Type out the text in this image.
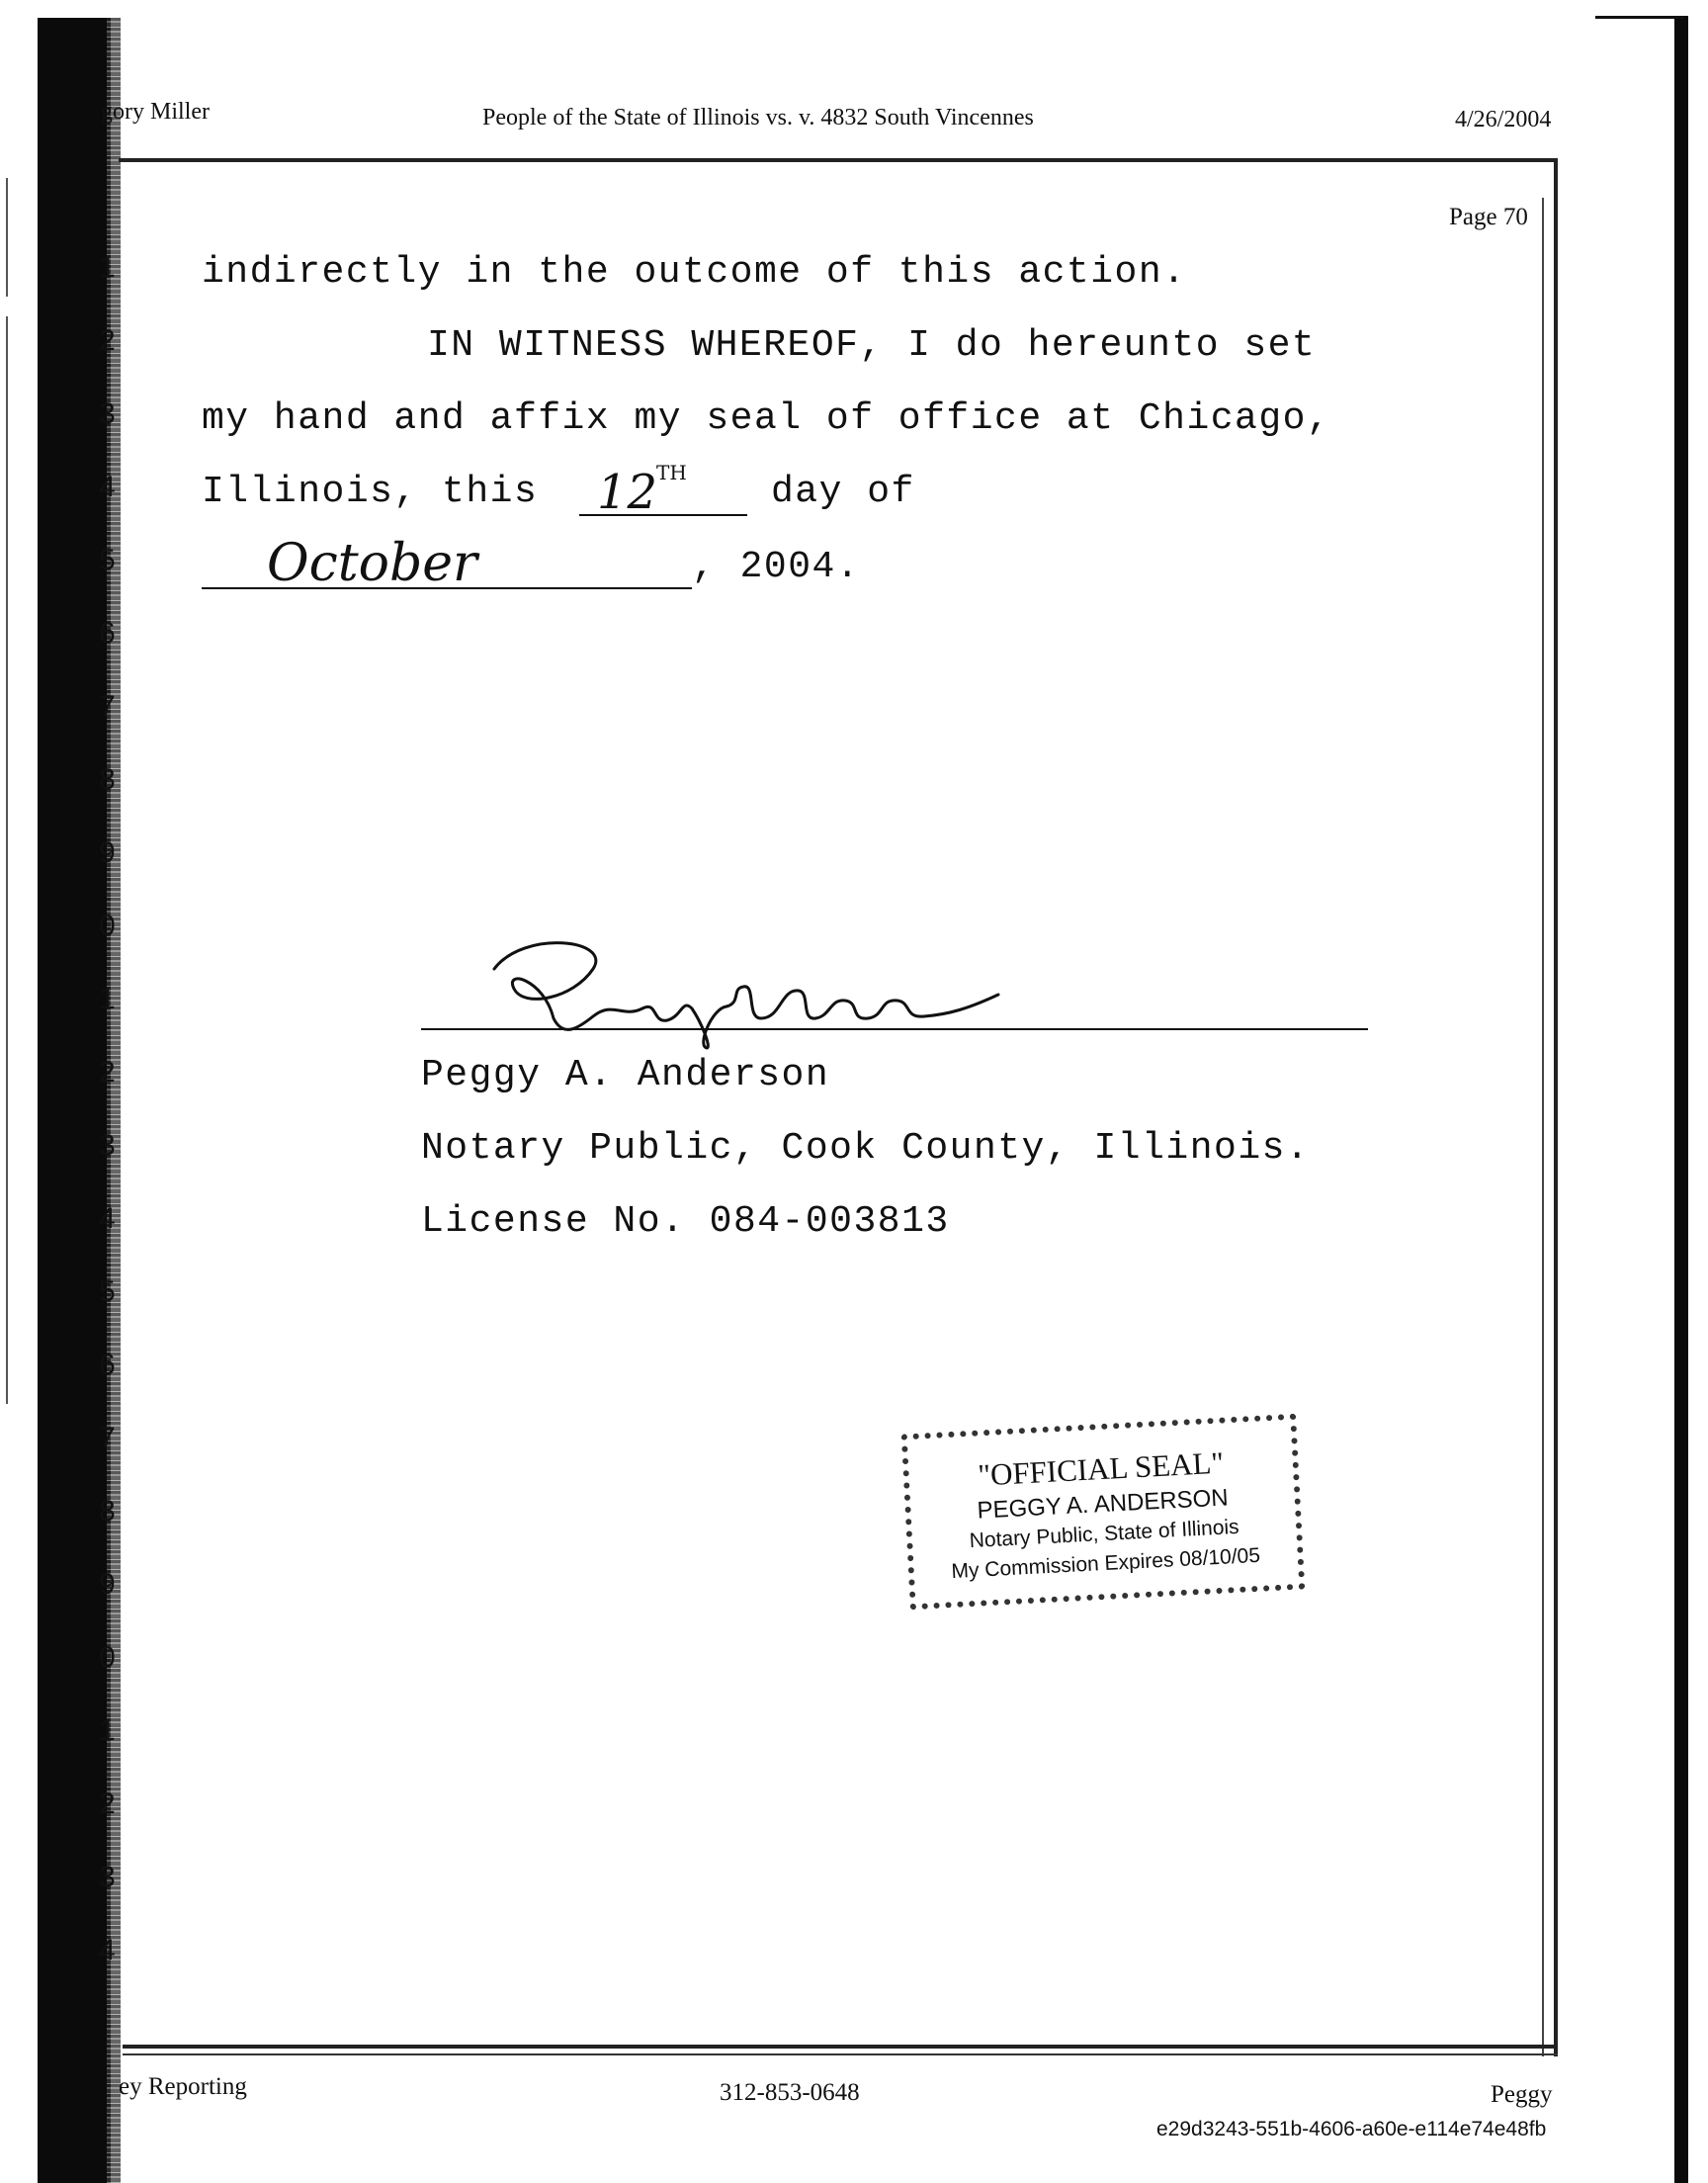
gory Miller	People of the State of Illinois vs. v. 4832 South Vincennes	4/26/2004
Page 70
1
2
3
4
5
6
7
8
9
0
1
2
3
4
5
6
7
8
9
0
1
2
3
4
indirectly in the outcome of this action.
IN WITNESS WHEREOF, I do hereunto set
my hand and affix my seal of office at Chicago,
Illinois, this 12
TH day of
October	, 2004.
Peggy A. Anderson
Notary Public, Cook County, Illinois.
License No. 084-003813
"OFFICIAL SEAL"
PEGGY A. ANDERSON
Notary Public, State of Illinois
My Commission Expires 08/10/05
ey Reporting	312-853-0648	Peggy
e29d3243-551b-4606-a60e-e114e74e48fb
